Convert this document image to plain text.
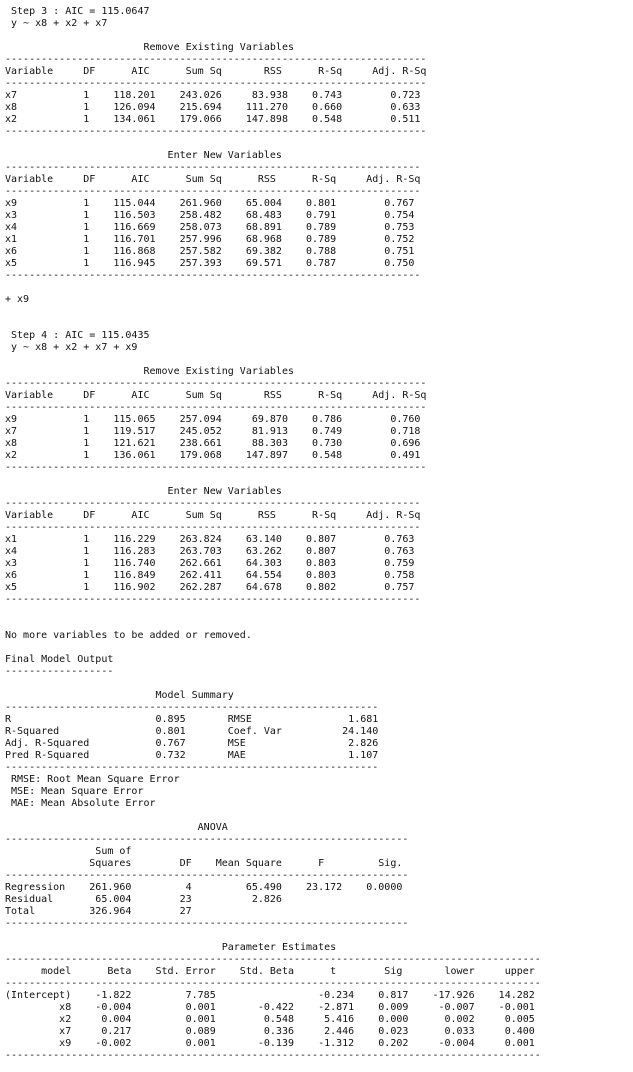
Step 3 : AIC = 115.0647
y ~ x8 + x2 + x7
Remove Existing Variables
----------------------------------------------------------------------
Variable     DF      AIC      Sum Sq       RSS      R-Sq     Adj. R-Sq
----------------------------------------------------------------------
x7           1    118.201    243.026     83.938    0.743        0.723
x8           1    126.094    215.694    111.270    0.660        0.633
x2           1    134.061    179.066    147.898    0.548        0.511
----------------------------------------------------------------------
Enter New Variables
---------------------------------------------------------------------
Variable     DF      AIC      Sum Sq      RSS      R-Sq     Adj. R-Sq
---------------------------------------------------------------------
x9           1    115.044    261.960    65.004    0.801        0.767
x3           1    116.503    258.482    68.483    0.791        0.754
x4           1    116.669    258.073    68.891    0.789        0.753
x1           1    116.701    257.996    68.968    0.789        0.752
x6           1    116.868    257.582    69.382    0.788        0.751
x5           1    116.945    257.393    69.571    0.787        0.750
---------------------------------------------------------------------
+ x9
Step 4 : AIC = 115.0435
y ~ x8 + x2 + x7 + x9
Remove Existing Variables
----------------------------------------------------------------------
Variable     DF      AIC      Sum Sq       RSS      R-Sq     Adj. R-Sq
----------------------------------------------------------------------
x9           1    115.065    257.094     69.870    0.786        0.760
x7           1    119.517    245.052     81.913    0.749        0.718
x8           1    121.621    238.661     88.303    0.730        0.696
x2           1    136.061    179.068    147.897    0.548        0.491
----------------------------------------------------------------------
Enter New Variables
---------------------------------------------------------------------
Variable     DF      AIC      Sum Sq      RSS      R-Sq     Adj. R-Sq
---------------------------------------------------------------------
x1           1    116.229    263.824    63.140    0.807        0.763
x4           1    116.283    263.703    63.262    0.807        0.763
x3           1    116.740    262.661    64.303    0.803        0.759
x6           1    116.849    262.411    64.554    0.803        0.758
x5           1    116.902    262.287    64.678    0.802        0.757
---------------------------------------------------------------------
No more variables to be added or removed.
Final Model Output
------------------
Model Summary
--------------------------------------------------------------
R                        0.895       RMSE                1.681
R-Squared                0.801       Coef. Var          24.140
Adj. R-Squared           0.767       MSE                 2.826
Pred R-Squared           0.732       MAE                 1.107
--------------------------------------------------------------
RMSE: Root Mean Square Error
MSE: Mean Square Error
MAE: Mean Absolute Error
ANOVA
-------------------------------------------------------------------
Sum of
Squares        DF    Mean Square      F         Sig.
-------------------------------------------------------------------
Regression    261.960         4         65.490    23.172    0.0000
Residual       65.004        23          2.826
Total         326.964        27
-------------------------------------------------------------------
Parameter Estimates
-----------------------------------------------------------------------------------------
model      Beta    Std. Error    Std. Beta      t        Sig       lower     upper
-----------------------------------------------------------------------------------------
(Intercept)    -1.822         7.785                 -0.234    0.817    -17.926    14.282
x8    -0.004         0.001       -0.422    -2.871    0.009     -0.007    -0.001
x2     0.004         0.001        0.548     5.416    0.000      0.002     0.005
x7     0.217         0.089        0.336     2.446    0.023      0.033     0.400
x9    -0.002         0.001       -0.139    -1.312    0.202     -0.004     0.001
-----------------------------------------------------------------------------------------
